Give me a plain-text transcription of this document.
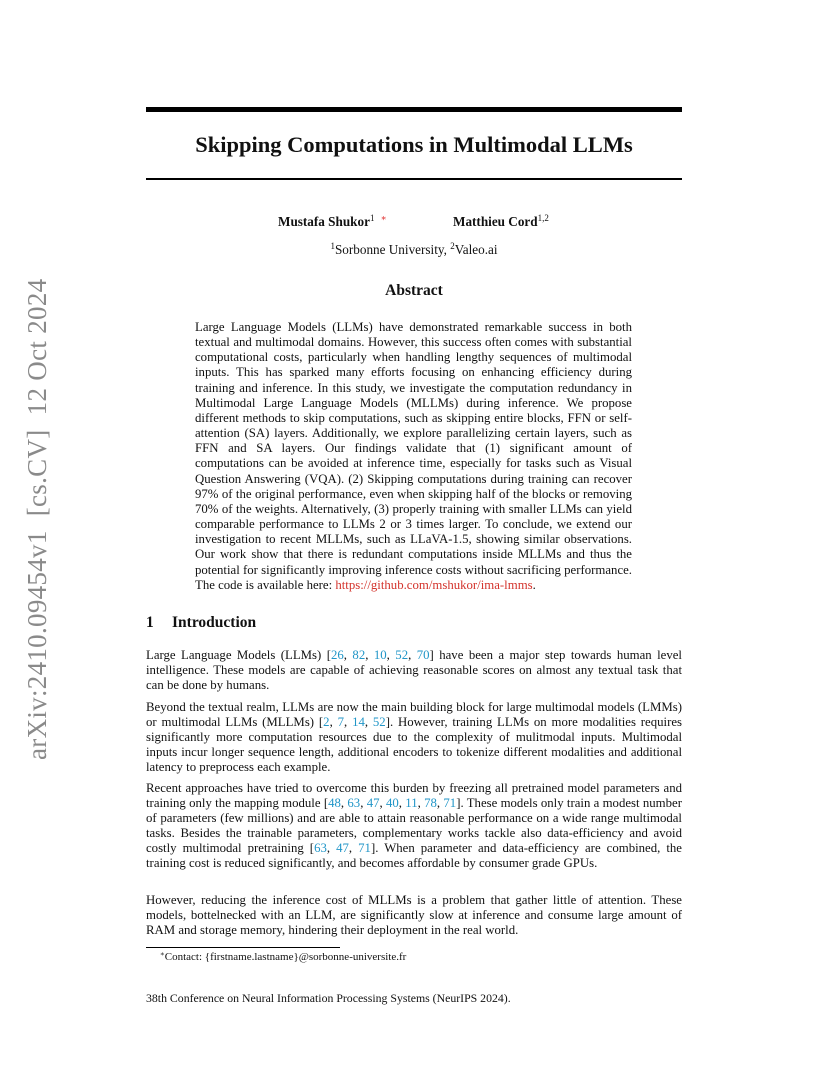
arXiv:2410.09454v1  [cs.CV]  12 Oct 2024
Skipping Computations in Multimodal LLMs
Mustafa Shukor$^1$ ∗	Matthieu Cord$^{1,2}$
$^1$Sorbonne University, $^2$Valeo.ai
Abstract
Large Language Models (LLMs) have demonstrated remarkable success in both textual and multimodal domains. However, this success often comes with substantial computational costs, particularly when handling lengthy sequences of multimodal inputs. This has sparked many efforts focusing on enhancing efficiency during training and inference. In this study, we investigate the computation redundancy in Multimodal Large Language Models (MLLMs) during inference. We propose different methods to skip computations, such as skipping entire blocks, FFN or self-attention (SA) layers. Additionally, we explore parallelizing certain layers, such as FFN and SA layers. Our findings validate that (1) significant amount of computations can be avoided at inference time, especially for tasks such as Visual Question Answering (VQA). (2) Skipping computations during training can recover 97% of the original performance, even when skipping half of the blocks or removing 70% of the weights. Alternatively, (3) properly training with smaller LLMs can yield comparable performance to LLMs 2 or 3 times larger. To conclude, we extend our investigation to recent MLLMs, such as LLaVA-1.5, showing similar observations. Our work show that there is redundant computations inside MLLMs and thus the potential for significantly improving inference costs without sacrificing performance. The code is available here: https://github.com/mshukor/ima-lmms.
1 Introduction
Large Language Models (LLMs) [26, 82, 10, 52, 70] have been a major step towards human level intelligence. These models are capable of achieving reasonable scores on almost any textual task that can be done by humans.
Beyond the textual realm, LLMs are now the main building block for large multimodal models (LMMs) or multimodal LLMs (MLLMs) [2, 7, 14, 52]. However, training LLMs on more modalities requires significantly more computation resources due to the complexity of mulitmodal inputs. Multimodal inputs incur longer sequence length, additional encoders to tokenize different modalities and additional latency to preprocess each example.
Recent approaches have tried to overcome this burden by freezing all pretrained model parameters and training only the mapping module [48, 63, 47, 40, 11, 78, 71]. These models only train a modest number of parameters (few millions) and are able to attain reasonable performance on a wide range multimodal tasks. Besides the trainable parameters, complementary works tackle also data-efficiency and avoid costly multimodal pretraining [63, 47, 71]. When parameter and data-efficiency are combined, the training cost is reduced significantly, and becomes affordable by consumer grade GPUs.
However, reducing the inference cost of MLLMs is a problem that gather little of attention. These models, bottelnecked with an LLM, are significantly slow at inference and consume large amount of RAM and storage memory, hindering their deployment in the real world.
∗Contact: {firstname.lastname}@sorbonne-universite.fr
38th Conference on Neural Information Processing Systems (NeurIPS 2024).
